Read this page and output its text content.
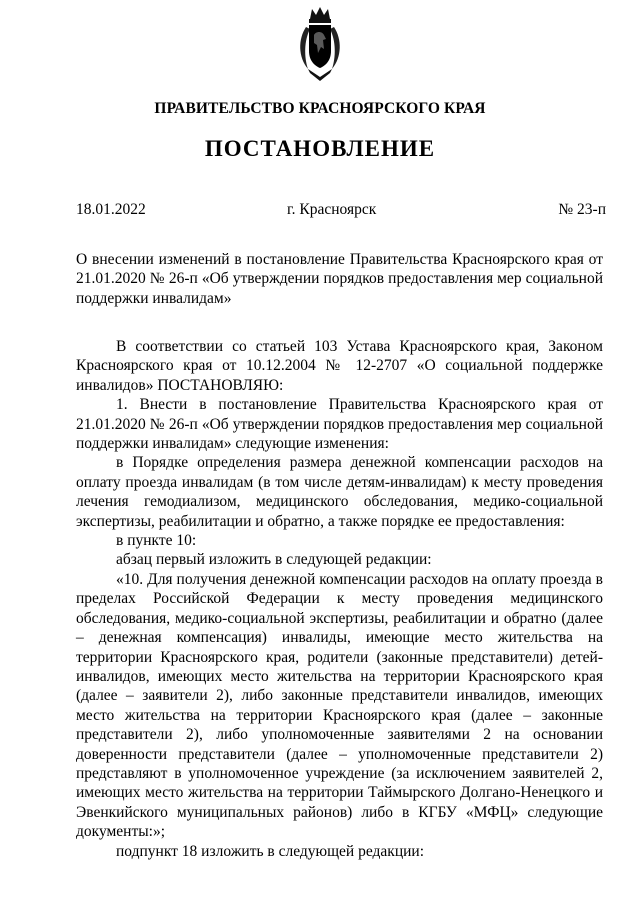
ПРАВИТЕЛЬСТВО КРАСНОЯРСКОГО КРАЯ
ПОСТАНОВЛЕНИЕ
18.01.2022	г. Красноярск	№ 23-п
О внесении изменений в постановление Правительства Красноярского края от 21.01.2020 № 26-п «Об утверждении порядков предоставления мер социальной поддержки инвалидам»

В соответствии со статьей 103 Устава Красноярского края, Законом Красноярского края от 10.12.2004 № 12-2707 «О социальной поддержке инвалидов» ПОСТАНОВЛЯЮ:

1. Внести в постановление Правительства Красноярского края от 21.01.2020 № 26-п «Об утверждении порядков предоставления мер социальной поддержки инвалидам» следующие изменения:

в Порядке определения размера денежной компенсации расходов на оплату проезда инвалидам (в том числе детям-инвалидам) к месту проведения лечения гемодиализом, медицинского обследования, медико-социальной экспертизы, реабилитации и обратно, а также порядке ее предоставления:

в пункте 10:

абзац первый изложить в следующей редакции:

«10. Для получения денежной компенсации расходов на оплату проезда в пределах Российской Федерации к месту проведения медицинского обследования, медико-социальной экспертизы, реабилитации и обратно (далее – денежная компенсация) инвалиды, имеющие место жительства на территории Красноярского края, родители (законные представители) детей-инвалидов, имеющих место жительства на территории Красноярского края (далее – заявители 2), либо законные представители инвалидов, имеющих место жительства на территории Красноярского края (далее – законные представители 2), либо уполномоченные заявителями 2 на основании доверенности представители (далее – уполномоченные представители 2) представляют в уполномоченное учреждение (за исключением заявителей 2, имеющих место жительства на территории Таймырского Долгано-Ненецкого и Эвенкийского муниципальных районов) либо в КГБУ «МФЦ» следующие документы:»;

подпункт 18 изложить в следующей редакции:
